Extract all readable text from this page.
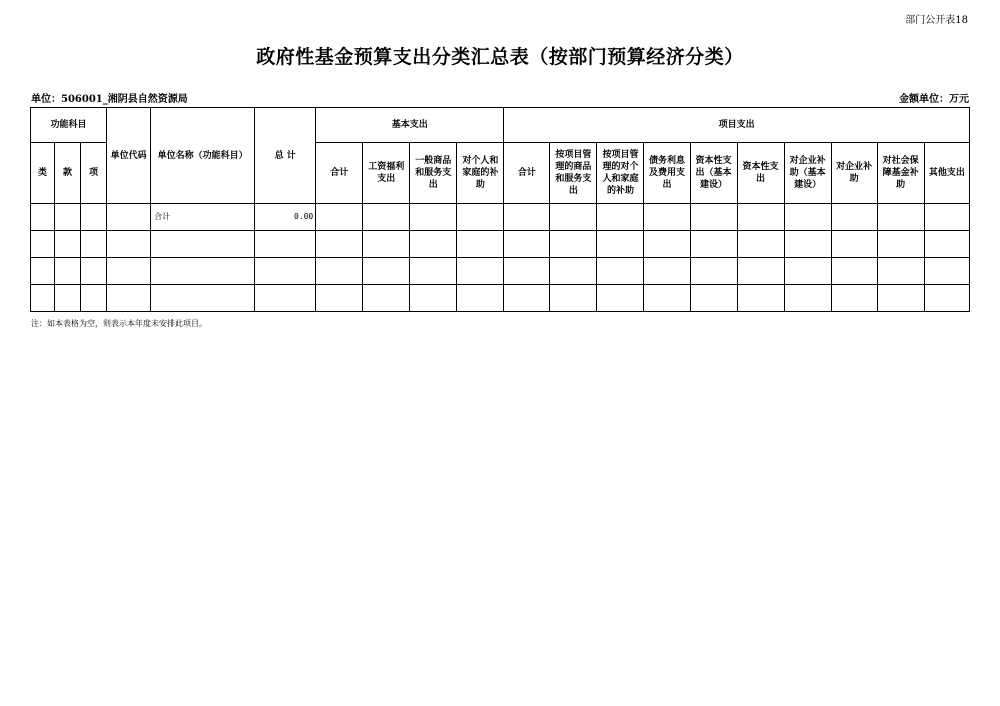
部门公开表18
政府性基金预算支出分类汇总表（按部门预算经济分类）
单位：506001_湘阴县自然资源局	金额单位：万元
功能科目			单位代码	单位名称（功能科目）	总 计	基本支出				项目支出									
类	款	项				合计	工资福利支出	一般商品和服务支出	对个人和家庭的补助	合计	按项目管理的商品和服务支出	按项目管理的对个人和家庭的补助	债务利息及费用支出	资本性支出（基本建设）	资本性支出	对企业补助（基本建设）	对企业补助	对社会保障基金补助	其他支出
				合计	0.00														

注：如本表格为空，则表示本年度未安排此项目。
